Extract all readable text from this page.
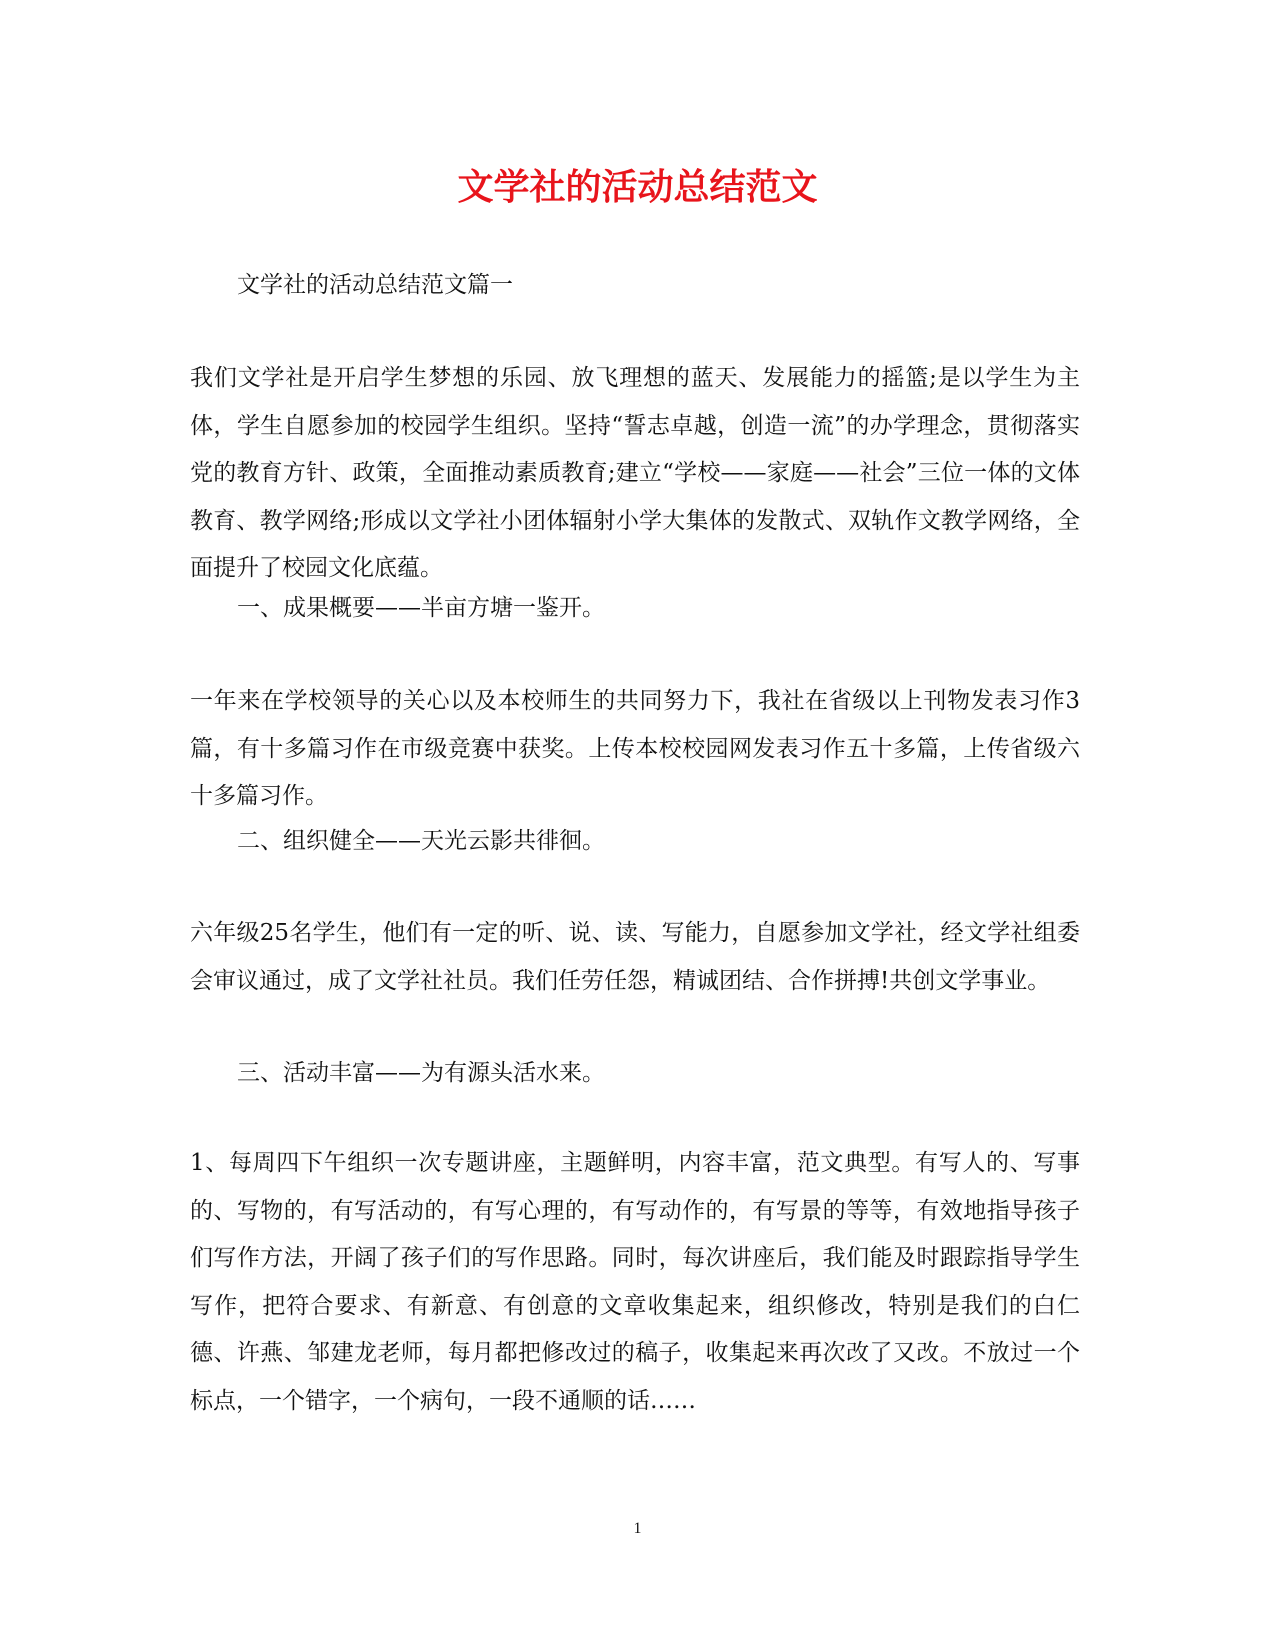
文学社的活动总结范文

文学社的活动总结范文篇一

我们文学社是开启学生梦想的乐园、放飞理想的蓝天、发展能力的摇篮;是以学生为主体，学生自愿参加的校园学生组织。坚持“誓志卓越，创造一流”的办学理念，贯彻落实党的教育方针、政策，全面推动素质教育;建立“学校——家庭——社会”三位一体的文体教育、教学网络;形成以文学社小团体辐射小学大集体的发散式、双轨作文教学网络，全面提升了校园文化底蕴。

一、成果概要——半亩方塘一鉴开。

一年来在学校领导的关心以及本校师生的共同努力下，我社在省级以上刊物发表习作3篇，有十多篇习作在市级竞赛中获奖。上传本校校园网发表习作五十多篇，上传省级六十多篇习作。

二、组织健全——天光云影共徘徊。

六年级25名学生，他们有一定的听、说、读、写能力，自愿参加文学社，经文学社组委会审议通过，成了文学社社员。我们任劳任怨，精诚团结、合作拼搏!共创文学事业。

三、活动丰富——为有源头活水来。

1、每周四下午组织一次专题讲座，主题鲜明，内容丰富，范文典型。有写人的、写事的、写物的，有写活动的，有写心理的，有写动作的，有写景的等等，有效地指导孩子们写作方法，开阔了孩子们的写作思路。同时，每次讲座后，我们能及时跟踪指导学生写作，把符合要求、有新意、有创意的文章收集起来，组织修改，特别是我们的白仁德、许燕、邹建龙老师，每月都把修改过的稿子，收集起来再次改了又改。不放过一个标点，一个错字，一个病句，一段不通顺的话……

1
